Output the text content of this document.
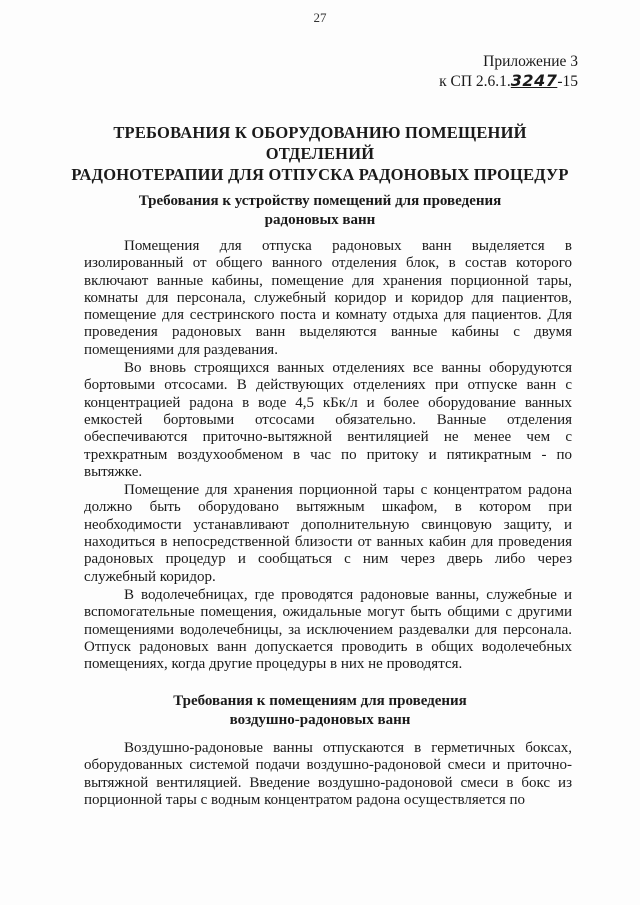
27
Приложение 3
к СП 2.6.1.3247-15
ТРЕБОВАНИЯ К ОБОРУДОВАНИЮ ПОМЕЩЕНИЙ ОТДЕЛЕНИЙ
РАДОНОТЕРАПИИ ДЛЯ ОТПУСКА РАДОНОВЫХ ПРОЦЕДУР
Требования к устройству помещений для проведения
радоновых ванн

Помещения для отпуска радоновых ванн выделяется в изолированный от общего ванного отделения блок, в состав которого включают ванные кабины, помещение для хранения порционной тары, комнаты для персонала, служебный коридор и коридор для пациентов, помещение для сестринского поста и комнату отдыха для пациентов. Для проведения радоновых ванн выделяются ванные кабины с двумя помещениями для раздевания.

Во вновь строящихся ванных отделениях все ванны оборудуются бортовыми отсосами. В действующих отделениях при отпуске ванн с концентрацией радона в воде 4,5 кБк/л и более оборудование ванных емкостей бортовыми отсосами обязательно. Ванные отделения обеспечиваются приточно-вытяжной вентиляцией не менее чем с трехкратным воздухообменом в час по притоку и пятикратным - по вытяжке.

Помещение для хранения порционной тары с концентратом радона должно быть оборудовано вытяжным шкафом, в котором при необходимости устанавливают дополнительную свинцовую защиту, и находиться в непосредственной близости от ванных кабин для проведения радоновых процедур и сообщаться с ним через дверь либо через служебный коридор.

В водолечебницах, где проводятся радоновые ванны, служебные и вспомогательные помещения, ожидальные могут быть общими с другими помещениями водолечебницы, за исключением раздевалки для персонала. Отпуск радоновых ванн допускается проводить в общих водолечебных помещениях, когда другие процедуры в них не проводятся.

Требования к помещениям для проведения
воздушно-радоновых ванн

Воздушно-радоновые ванны отпускаются в герметичных боксах, оборудованных системой подачи воздушно-радоновой смеси и приточно-вытяжной вентиляцией. Введение воздушно-радоновой смеси в бокс из порционной тары с водным концентратом радона осуществляется по
